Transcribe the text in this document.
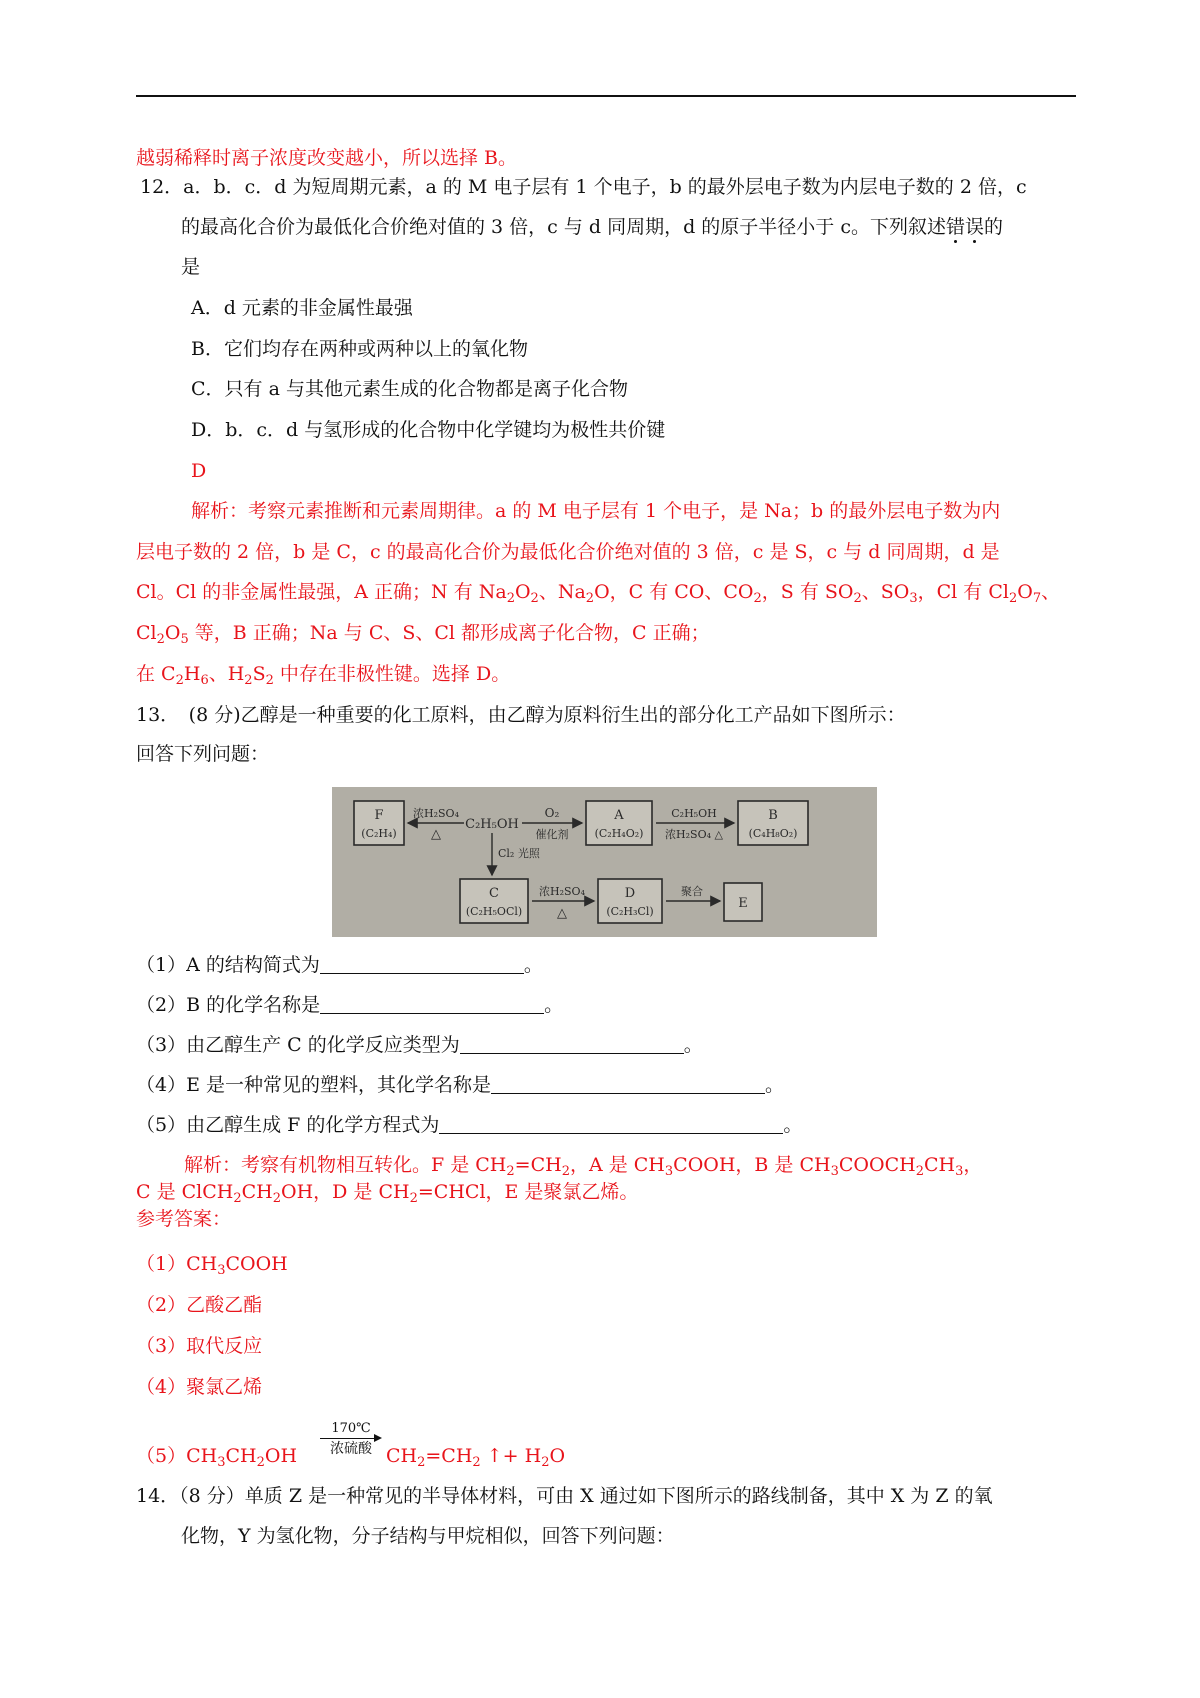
越弱稀释时离子浓度改变越小，所以选择 B。
12．a．b．c．d 为短周期元素，a 的 M 电子层有 1 个电子，b 的最外层电子数为内层电子数的 2 倍，c
的最高化合价为最低化合价绝对值的 3 倍，c 与 d 同周期，d 的原子半径小于 c。下列叙述错误的
是
A．d 元素的非金属性最强
B．它们均存在两种或两种以上的氧化物
C．只有 a 与其他元素生成的化合物都是离子化合物
D．b．c．d 与氢形成的化合物中化学键均为极性共价键
D
解析：考察元素推断和元素周期律。a 的 M 电子层有 1 个电子，是 Na；b 的最外层电子数为内
层电子数的 2 倍，b 是 C，c 的最高化合价为最低化合价绝对值的 3 倍，c 是 S，c 与 d 同周期，d 是
Cl。Cl 的非金属性最强，A 正确；N 有 $Na_2O_2$、$Na_2O$，C 有 CO、$CO_2$，S 有 $SO_2$、$SO_3$，Cl 有 $Cl_2O_7$、
$Cl_2O_5$ 等，B 正确；Na 与 C、S、Cl 都形成离子化合物，C 正确；
在 $C_2H_6$、$H_2S_2$ 中存在非极性键。选择 D。
13．　(8 分)乙醇是一种重要的化工原料，由乙醇为原料衍生出的部分化工产品如下图所示：
回答下列问题：
F
(C₂H₄)
浓H₂SO₄
△
C₂H₅OH
O₂
催化剂
A
(C₂H₄O₂)
C₂H₅OH
浓H₂SO₄ △
B
(C₄H₈O₂)
Cl₂ 光照
C
(C₂H₅OCl)
浓H₂SO₄
△
D
(C₂H₃Cl)
聚合
E
（1）A 的结构简式为	。
（2）B 的化学名称是	。
（3）由乙醇生产 C 的化学反应类型为	。
（4）E 是一种常见的塑料，其化学名称是	。
（5）由乙醇生成 F 的化学方程式为	。
解析：考察有机物相互转化。F 是 $CH_2=CH_2$，A 是 $CH_3COOH$，B 是 $CH_3COOCH_2CH_3$，
C 是 $ClCH_2CH_2OH$，D 是 $CH_2=CHCl$，E 是聚氯乙烯。
参考答案：
$(1)CH_3COOH$
（2）乙酸乙酯
（3）取代反应
（4）聚氯乙烯
$(5)CH_3CH_2OH$
170℃
浓硫酸 $CH_2=CH_2$ ↑+ $H_2O$
14．（8 分）单质 Z 是一种常见的半导体材料，可由 X 通过如下图所示的路线制备，其中 X 为 Z 的氧
化物，Y 为氢化物，分子结构与甲烷相似，回答下列问题：
